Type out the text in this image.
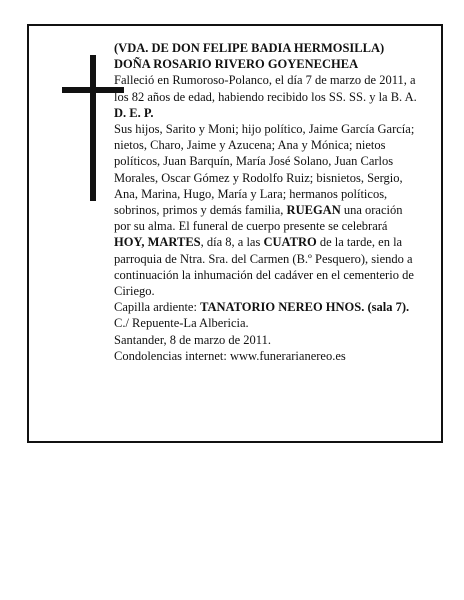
(VDA. DE DON FELIPE BADIA HERMOSILLA)

DOÑA ROSARIO RIVERO GOYENECHEA

Falleció en Rumoroso-Polanco, el día 7 de marzo de 2011, a los 82 años de edad, habiendo recibido los SS. SS. y la B. A.

D. E. P.

Sus hijos, Sarito y Moni; hijo político, Jaime García García; nietos, Charo, Jaime y Azucena; Ana y Mónica; nietos políticos, Juan Barquín, María José Solano, Juan Carlos Morales, Oscar Gómez y Rodolfo Ruiz; bisnietos, Sergio, Ana, Marina, Hugo, María y Lara; hermanos políticos, sobrinos, primos y demás familia, RUEGAN una oración por su alma. El funeral de cuerpo presente se celebrará HOY, MARTES, día 8, a las CUATRO de la tarde, en la parroquia de Ntra. Sra. del Carmen (B.º Pesquero), siendo a continuación la inhumación del cadáver en el cementerio de Ciriego.

Capilla ardiente: TANATORIO NEREO HNOS. (sala 7). C./ Repuente-La Albericia.

Santander, 8 de marzo de 2011.

Condolencias internet: www.funerarianereo.es
